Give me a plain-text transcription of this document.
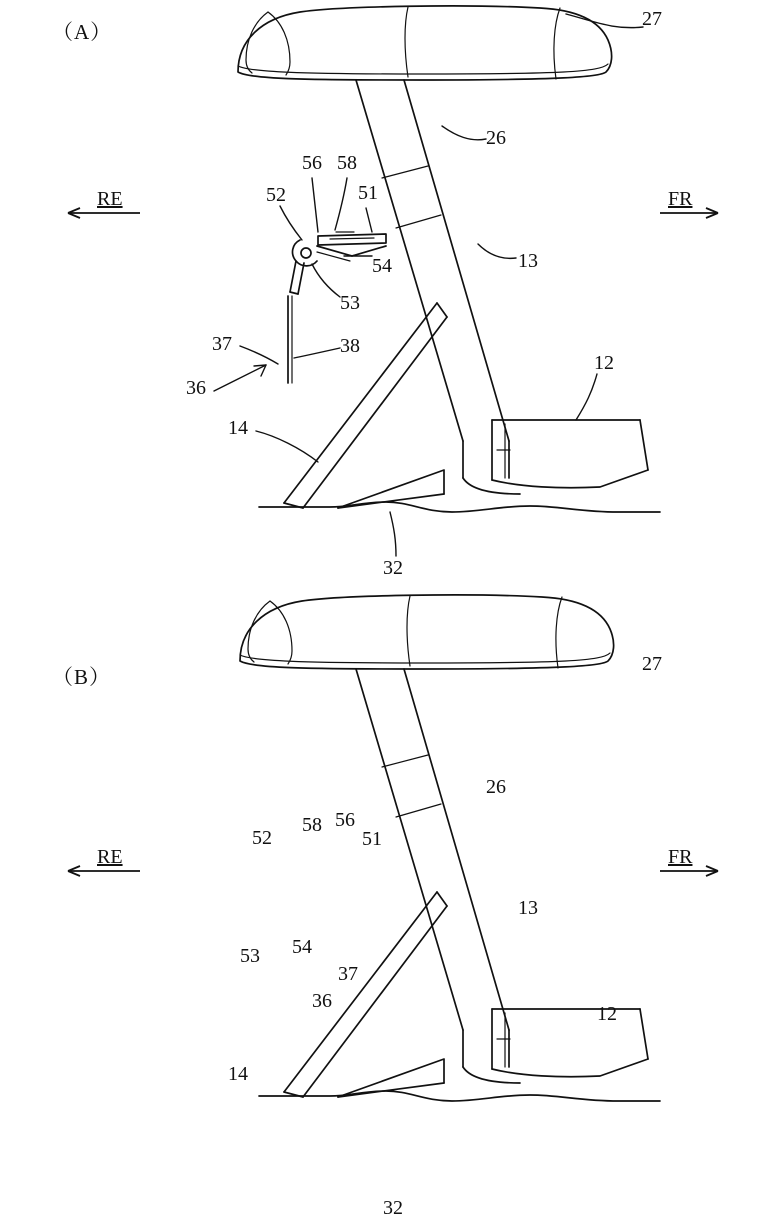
（A）
RE	FR
27
26
56 58
52	51
13
54
53
37	38
12
36
14
32
（B）
RE	FR
27
26
58 56
52	51
13
53 54
37
12
36
14
32
